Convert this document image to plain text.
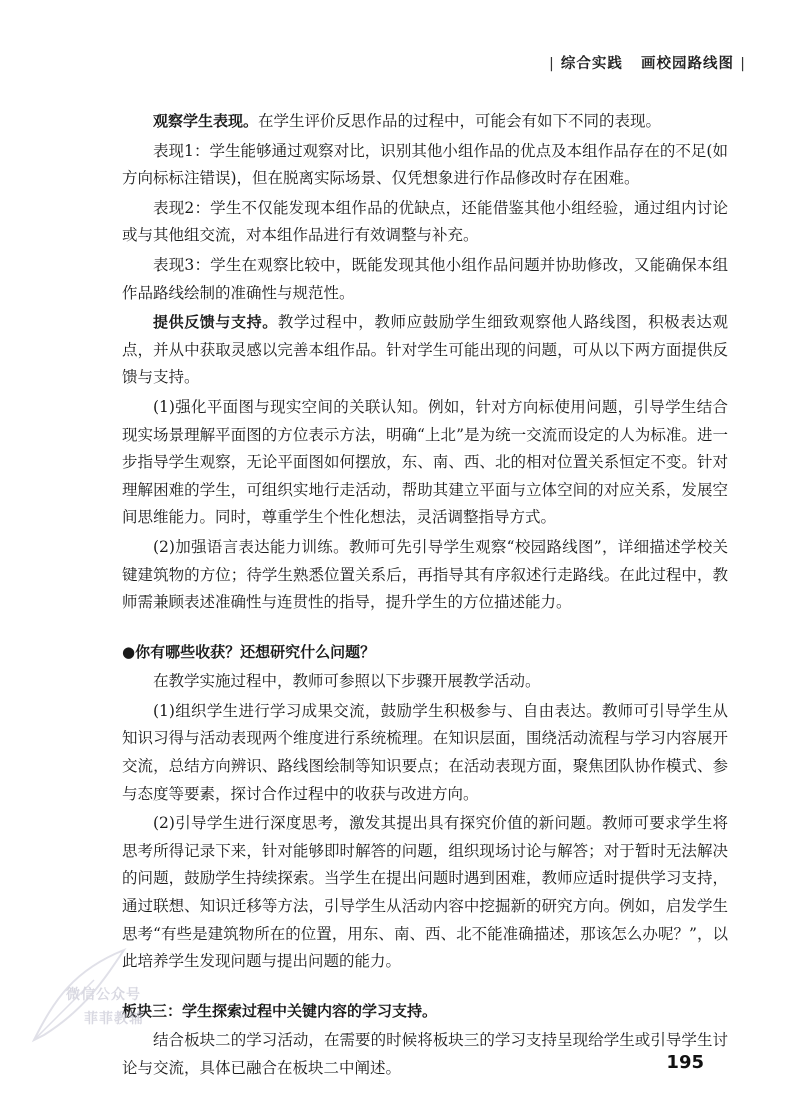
| 综合实践 画校园路线图 |

观察学生表现。在学生评价反思作品的过程中，可能会有如下不同的表现。

表现1：学生能够通过观察对比，识别其他小组作品的优点及本组作品存在的不足(如方向标标注错误)，但在脱离实际场景、仅凭想象进行作品修改时存在困难。

表现2：学生不仅能发现本组作品的优缺点，还能借鉴其他小组经验，通过组内讨论或与其他组交流，对本组作品进行有效调整与补充。

表现3：学生在观察比较中，既能发现其他小组作品问题并协助修改，又能确保本组作品路线绘制的准确性与规范性。

提供反馈与支持。教学过程中，教师应鼓励学生细致观察他人路线图，积极表达观点，并从中获取灵感以完善本组作品。针对学生可能出现的问题，可从以下两方面提供反馈与支持。

(1)强化平面图与现实空间的关联认知。例如，针对方向标使用问题，引导学生结合现实场景理解平面图的方位表示方法，明确“上北”是为统一交流而设定的人为标准。进一步指导学生观察，无论平面图如何摆放，东、南、西、北的相对位置关系恒定不变。针对理解困难的学生，可组织实地行走活动，帮助其建立平面与立体空间的对应关系，发展空间思维能力。同时，尊重学生个性化想法，灵活调整指导方式。

(2)加强语言表达能力训练。教师可先引导学生观察“校园路线图”，详细描述学校关键建筑物的方位；待学生熟悉位置关系后，再指导其有序叙述行走路线。在此过程中，教师需兼顾表述准确性与连贯性的指导，提升学生的方位描述能力。

●你有哪些收获？还想研究什么问题？

在教学实施过程中，教师可参照以下步骤开展教学活动。

(1)组织学生进行学习成果交流，鼓励学生积极参与、自由表达。教师可引导学生从知识习得与活动表现两个维度进行系统梳理。在知识层面，围绕活动流程与学习内容展开交流，总结方向辨识、路线图绘制等知识要点；在活动表现方面，聚焦团队协作模式、参与态度等要素，探讨合作过程中的收获与改进方向。

(2)引导学生进行深度思考，激发其提出具有探究价值的新问题。教师可要求学生将思考所得记录下来，针对能够即时解答的问题，组织现场讨论与解答；对于暂时无法解决的问题，鼓励学生持续探索。当学生在提出问题时遇到困难，教师应适时提供学习支持，通过联想、知识迁移等方法，引导学生从活动内容中挖掘新的研究方向。例如，启发学生思考“有些是建筑物所在的位置，用东、南、西、北不能准确描述，那该怎么办呢？”，以此培养学生发现问题与提出问题的能力。

板块三：学生探索过程中关键内容的学习支持。

结合板块二的学习活动，在需要的时候将板块三的学习支持呈现给学生或引导学生讨论与交流，具体已融合在板块二中阐述。

微信公众号
菲菲教辅
195
